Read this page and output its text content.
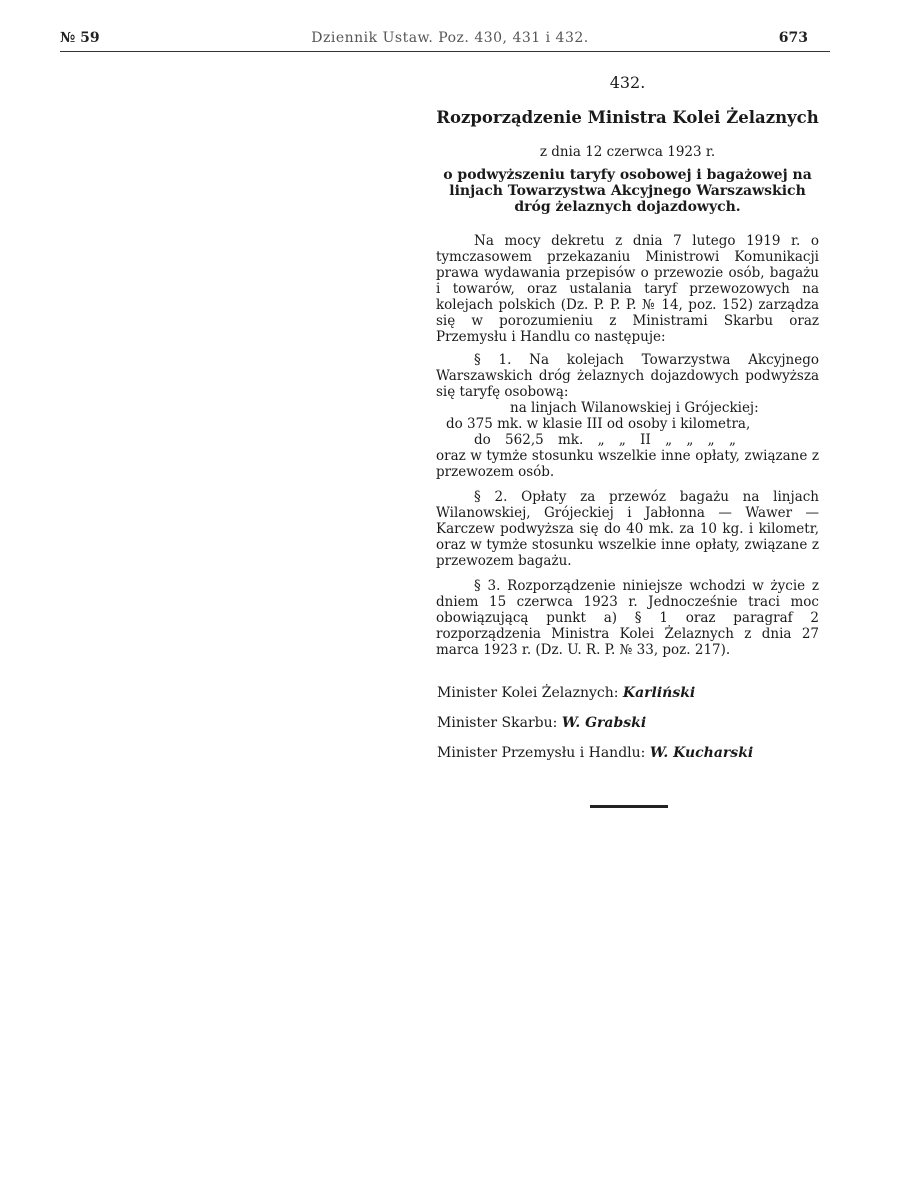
№ 59	Dziennik Ustaw. Poz. 430, 431 i 432.	673
432.
Rozporządzenie Ministra Kolei Żelaznych
z dnia 12 czerwca 1923 r.
o podwyższeniu taryfy osobowej i bagażowej na linjach Towarzystwa Akcyjnego Warszawskich dróg żelaznych dojazdowych.

Na mocy dekretu z dnia 7 lutego 1919 r. o tymczasowem przekazaniu Ministrowi Komunikacji prawa wydawania przepisów o przewozie osób, bagażu i towarów, oraz ustalania taryf przewozowych na kolejach polskich (Dz. P. P. P. № 14, poz. 152) zarządza się w porozumieniu z Ministrami Skarbu oraz Przemysłu i Handlu co następuje:

§ 1. Na kolejach Towarzystwa Akcyjnego Warszawskich dróg żelaznych dojazdowych podwyższa się taryfę osobową:

na linjach Wilanowskiej i Grójeckiej:

do 375 mk. w klasie III od osoby i kilometra,

do 562,5 mk. „ „ II „ „ „ „

oraz w tymże stosunku wszelkie inne opłaty, związane z przewozem osób.

§ 2. Opłaty za przewóz bagażu na linjach Wilanowskiej, Grójeckiej i Jabłonna — Wawer — Karczew podwyższa się do 40 mk. za 10 kg. i kilometr, oraz w tymże stosunku wszelkie inne opłaty, związane z przewozem bagażu.

§ 3. Rozporządzenie niniejsze wchodzi w życie z dniem 15 czerwca 1923 r. Jednocześnie traci moc obowiązującą punkt a) § 1 oraz paragraf 2 rozporządzenia Ministra Kolei Żelaznych z dnia 27 marca 1923 r. (Dz. U. R. P. № 33, poz. 217).

Minister Kolei Żelaznych: Karliński
Minister Skarbu: W. Grabski
Minister Przemysłu i Handlu: W. Kucharski
